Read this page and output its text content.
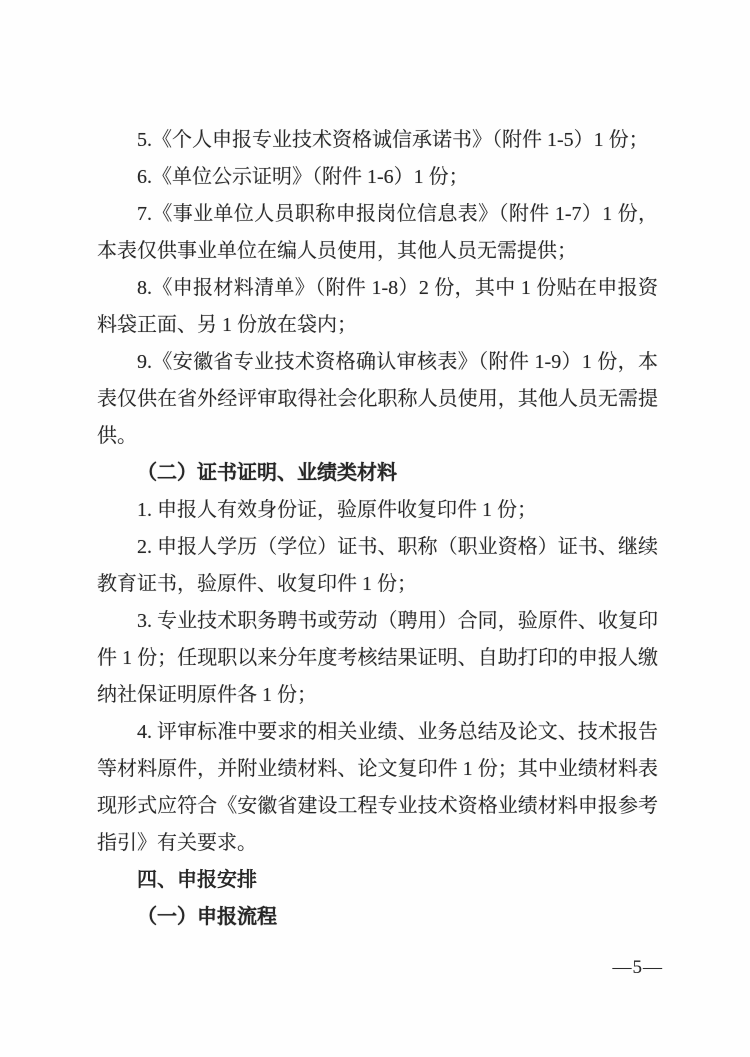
5.《个人申报专业技术资格诚信承诺书》（附件 1-5）1 份；

6.《单位公示证明》（附件 1-6）1 份；

7.《事业单位人员职称申报岗位信息表》（附件 1-7）1 份，本表仅供事业单位在编人员使用，其他人员无需提供；

8.《申报材料清单》（附件 1-8）2 份，其中 1 份贴在申报资料袋正面、另 1 份放在袋内；

9.《安徽省专业技术资格确认审核表》（附件 1-9）1 份，本表仅供在省外经评审取得社会化职称人员使用，其他人员无需提供。

（二）证书证明、业绩类材料

1. 申报人有效身份证，验原件收复印件 1 份；

2. 申报人学历（学位）证书、职称（职业资格）证书、继续教育证书，验原件、收复印件 1 份；

3. 专业技术职务聘书或劳动（聘用）合同，验原件、收复印件 1 份；任现职以来分年度考核结果证明、自助打印的申报人缴纳社保证明原件各 1 份；

4. 评审标准中要求的相关业绩、业务总结及论文、技术报告等材料原件，并附业绩材料、论文复印件 1 份；其中业绩材料表现形式应符合《安徽省建设工程专业技术资格业绩材料申报参考指引》有关要求。

四、申报安排

（一）申报流程

—5—
